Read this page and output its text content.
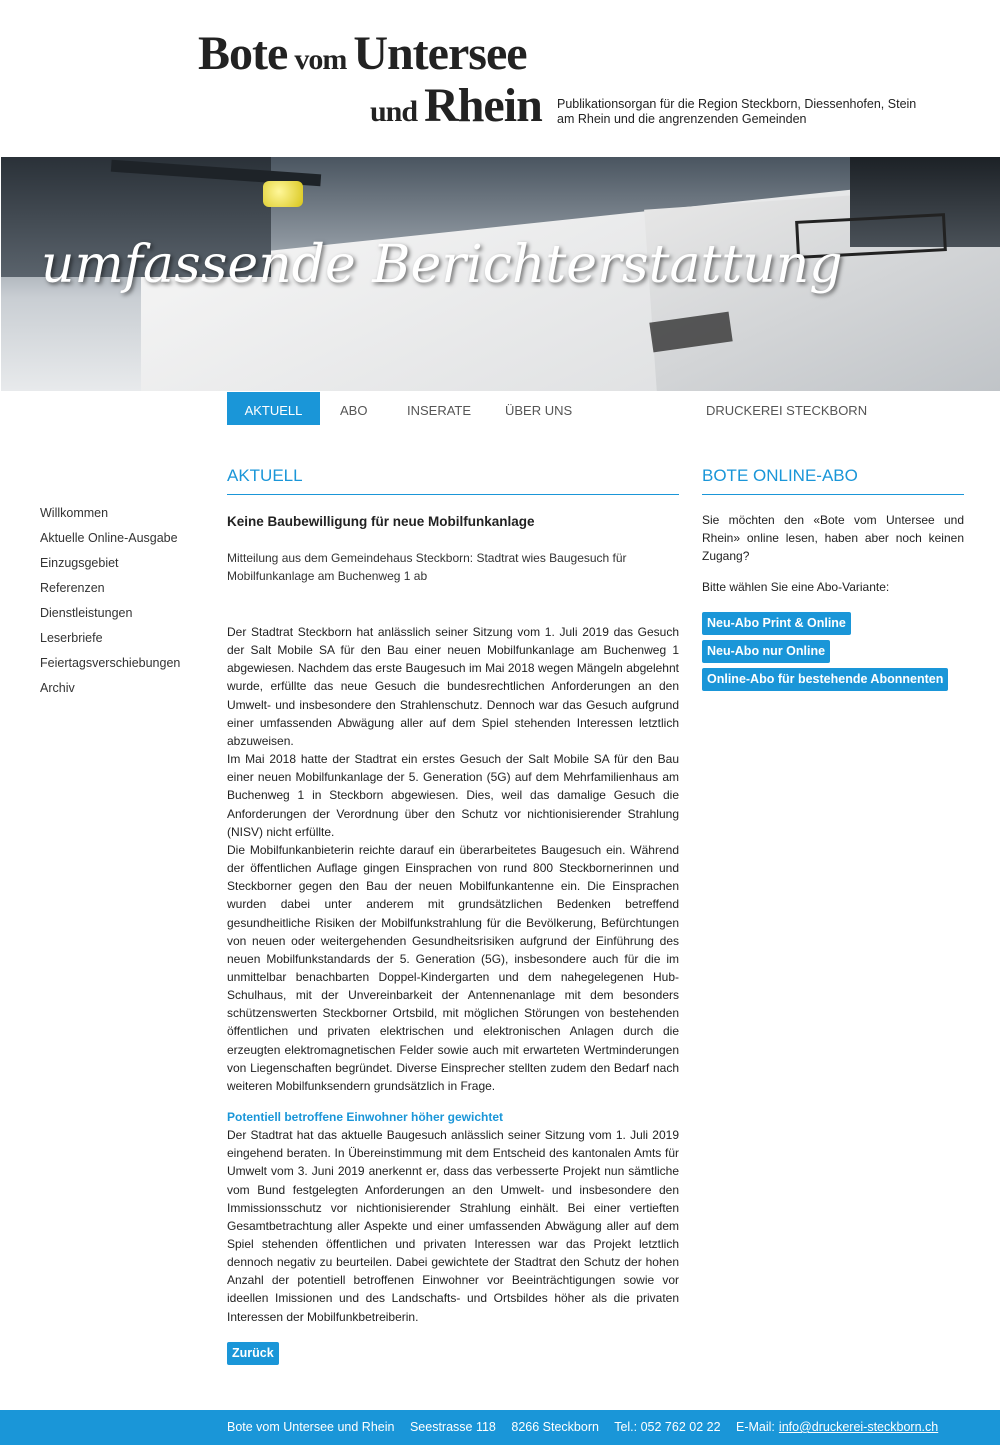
Bote vom Untersee
und Rhein Publikationsorgan für die Region Steckborn, Diessenhofen, Stein am Rhein und die angrenzenden Gemeinden
umfassende Berichterstattung
AKTUELL	ABO	INSERATE	ÜBER UNS	DRUCKEREI STECKBORN
Willkommen
Aktuelle Online-Ausgabe
Einzugsgebiet
Referenzen
Dienstleistungen
Leserbriefe
Feiertagsverschiebungen
Archiv
AKTUELL
Keine Baubewilligung für neue Mobilfunkanlage
Mitteilung aus dem Gemeindehaus Steckborn: Stadtrat wies Baugesuch für Mobilfunkanlage am Buchenweg 1 ab

Der Stadtrat Steckborn hat anlässlich seiner Sitzung vom 1. Juli 2019 das Gesuch der Salt Mobile SA für den Bau einer neuen Mobilfunkanlage am Buchenweg 1 abgewiesen. Nachdem das erste Baugesuch im Mai 2018 wegen Mängeln abgelehnt wurde, erfüllte das neue Gesuch die bundesrechtlichen Anforderungen an den Umwelt- und insbesondere den Strahlenschutz. Dennoch war das Gesuch aufgrund einer umfassenden Abwägung aller auf dem Spiel stehenden Interessen letztlich abzuweisen.

Im Mai 2018 hatte der Stadtrat ein erstes Gesuch der Salt Mobile SA für den Bau einer neuen Mobilfunkanlage der 5. Generation (5G) auf dem Mehrfamilienhaus am Buchenweg 1 in Steckborn abgewiesen. Dies, weil das damalige Gesuch die Anforderungen der Verordnung über den Schutz vor nichtionisierender Strahlung (NISV) nicht erfüllte.

Die Mobilfunkanbieterin reichte darauf ein überarbeitetes Baugesuch ein. Während der öffentlichen Auflage gingen Einsprachen von rund 800 Steckbornerinnen und Steckborner gegen den Bau der neuen Mobilfunkantenne ein. Die Einsprachen wurden dabei unter anderem mit grundsätzlichen Bedenken betreffend gesundheitliche Risiken der Mobilfunkstrahlung für die Bevölkerung, Befürchtungen von neuen oder weitergehenden Gesundheitsrisiken aufgrund der Einführung des neuen Mobilfunkstandards der 5. Generation (5G), insbesondere auch für die im unmittelbar benachbarten Doppel-Kindergarten und dem nahegelegenen Hub-Schulhaus, mit der Unvereinbarkeit der Antennenanlage mit dem besonders schützenswerten Steckborner Ortsbild, mit möglichen Störungen von bestehenden öffentlichen und privaten elektrischen und elektronischen Anlagen durch die erzeugten elektromagnetischen Felder sowie auch mit erwarteten Wertminderungen von Liegenschaften begründet. Diverse Einsprecher stellten zudem den Bedarf nach weiteren Mobilfunksendern grundsätzlich in Frage.

Potentiell betroffene Einwohner höher gewichtet
Der Stadtrat hat das aktuelle Baugesuch anlässlich seiner Sitzung vom 1. Juli 2019 eingehend beraten. In Übereinstimmung mit dem Entscheid des kantonalen Amts für Umwelt vom 3. Juni 2019 anerkennt er, dass das verbesserte Projekt nun sämtliche vom Bund festgelegten Anforderungen an den Umwelt- und insbesondere den Immissionsschutz vor nichtionisierender Strahlung einhält. Bei einer vertieften Gesamtbetrachtung aller Aspekte und einer umfassenden Abwägung aller auf dem Spiel stehenden öffentlichen und privaten Interessen war das Projekt letztlich dennoch negativ zu beurteilen. Dabei gewichtete der Stadtrat den Schutz der hohen Anzahl der potentiell betroffenen Einwohner vor Beeinträchtigungen sowie vor ideellen Imissionen und des Landschafts- und Ortsbildes höher als die privaten Interessen der Mobilfunkbetreiberin.
Zurück
BOTE ONLINE-ABO
Sie möchten den «Bote vom Untersee und Rhein» online lesen, haben aber noch keinen Zugang?
Bitte wählen Sie eine Abo-Variante:
Neu-Abo Print & Online
Neu-Abo nur Online
Online-Abo für bestehende Abonnenten
Bote vom Untersee und Rhein Seestrasse 118 8266 Steckborn Tel.: 052 762 02 22 E-Mail: info@druckerei-steckborn.ch
